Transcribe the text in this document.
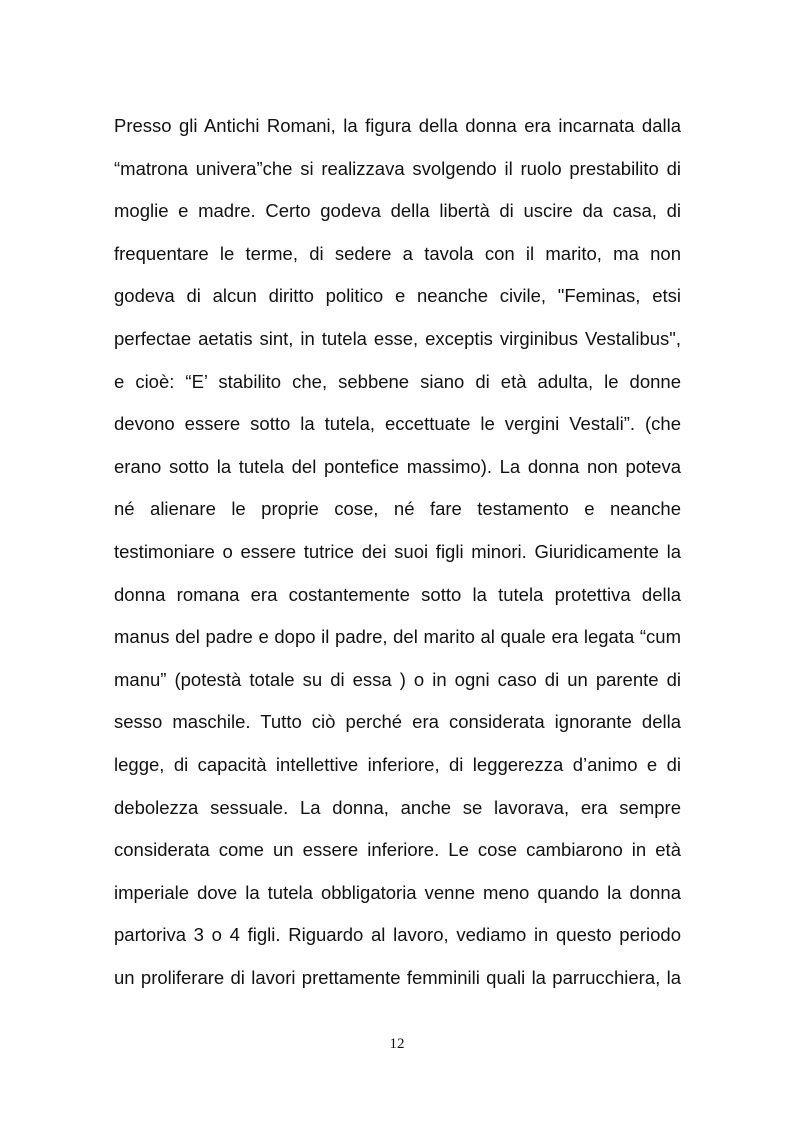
Presso gli Antichi Romani, la figura della donna era incarnata dalla
“matrona univera”che si realizzava svolgendo il ruolo prestabilito di
moglie e madre. Certo godeva della libertà di uscire da casa, di
frequentare le terme, di sedere a tavola con il marito, ma non
godeva di alcun diritto politico e neanche civile, "Feminas, etsi
perfectae aetatis sint, in tutela esse, exceptis virginibus Vestalibus",
e cioè: “E’ stabilito che, sebbene siano di età adulta, le donne
devono essere sotto la tutela, eccettuate le vergini Vestali”. (che
erano sotto la tutela del pontefice massimo). La donna non poteva
né alienare le proprie cose, né fare testamento e neanche
testimoniare o essere tutrice dei suoi figli minori. Giuridicamente la
donna romana era costantemente sotto la tutela protettiva della
manus del padre e dopo il padre, del marito al quale era legata “cum
manu” (potestà totale su di essa ) o in ogni caso di un parente di
sesso maschile. Tutto ciò perché era considerata ignorante della
legge, di capacità intellettive inferiore, di leggerezza d’animo e di
debolezza sessuale. La donna, anche se lavorava, era sempre
considerata come un essere inferiore. Le cose cambiarono in età
imperiale dove la tutela obbligatoria venne meno quando la donna
partoriva 3 o 4 figli. Riguardo al lavoro, vediamo in questo periodo
un proliferare di lavori prettamente femminili quali la parrucchiera, la
12
